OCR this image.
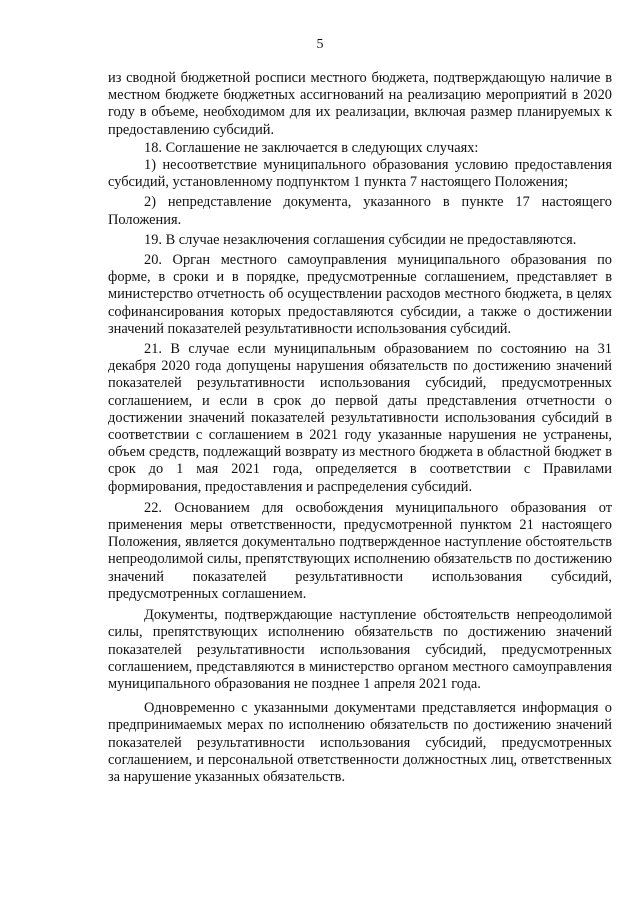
5

из сводной бюджетной росписи местного бюджета, подтверждающую наличие в местном бюджете бюджетных ассигнований на реализацию мероприятий в 2020 году в объеме, необходимом для их реализации, включая размер планируемых к предоставлению субсидий.

18. Соглашение не заключается в следующих случаях:

1) несоответствие муниципального образования условию предоставления субсидий, установленному подпунктом 1 пункта 7 настоящего Положения;

2) непредставление документа, указанного в пункте 17 настоящего Положения.

19. В случае незаключения соглашения субсидии не предоставляются.

20. Орган местного самоуправления муниципального образования по форме, в сроки и в порядке, предусмотренные соглашением, представляет в министерство отчетность об осуществлении расходов местного бюджета, в целях софинансирования которых предоставляются субсидии, а также о достижении значений показателей результативности использования субсидий.

21. В случае если муниципальным образованием по состоянию на 31 декабря 2020 года допущены нарушения обязательств по достижению значений показателей результативности использования субсидий, предусмотренных соглашением, и если в срок до первой даты представления отчетности о достижении значений показателей результативности использования субсидий в соответствии с соглашением в 2021 году указанные нарушения не устранены, объем средств, подлежащий возврату из местного бюджета в областной бюджет в срок до 1 мая 2021 года, определяется в соответствии с Правилами формирования, предоставления и распределения субсидий.

22. Основанием для освобождения муниципального образования от применения меры ответственности, предусмотренной пунктом 21 настоящего Положения, является документально подтвержденное наступление обстоятельств непреодолимой силы, препятствующих исполнению обязательств по достижению значений показателей результативности использования субсидий, предусмотренных соглашением.

Документы, подтверждающие наступление обстоятельств непреодолимой силы, препятствующих исполнению обязательств по достижению значений показателей результативности использования субсидий, предусмотренных соглашением, представляются в министерство органом местного самоуправления муниципального образования не позднее 1 апреля 2021 года.

Одновременно с указанными документами представляется информация о предпринимаемых мерах по исполнению обязательств по достижению значений показателей результативности использования субсидий, предусмотренных соглашением, и персональной ответственности должностных лиц, ответственных за нарушение указанных обязательств.
